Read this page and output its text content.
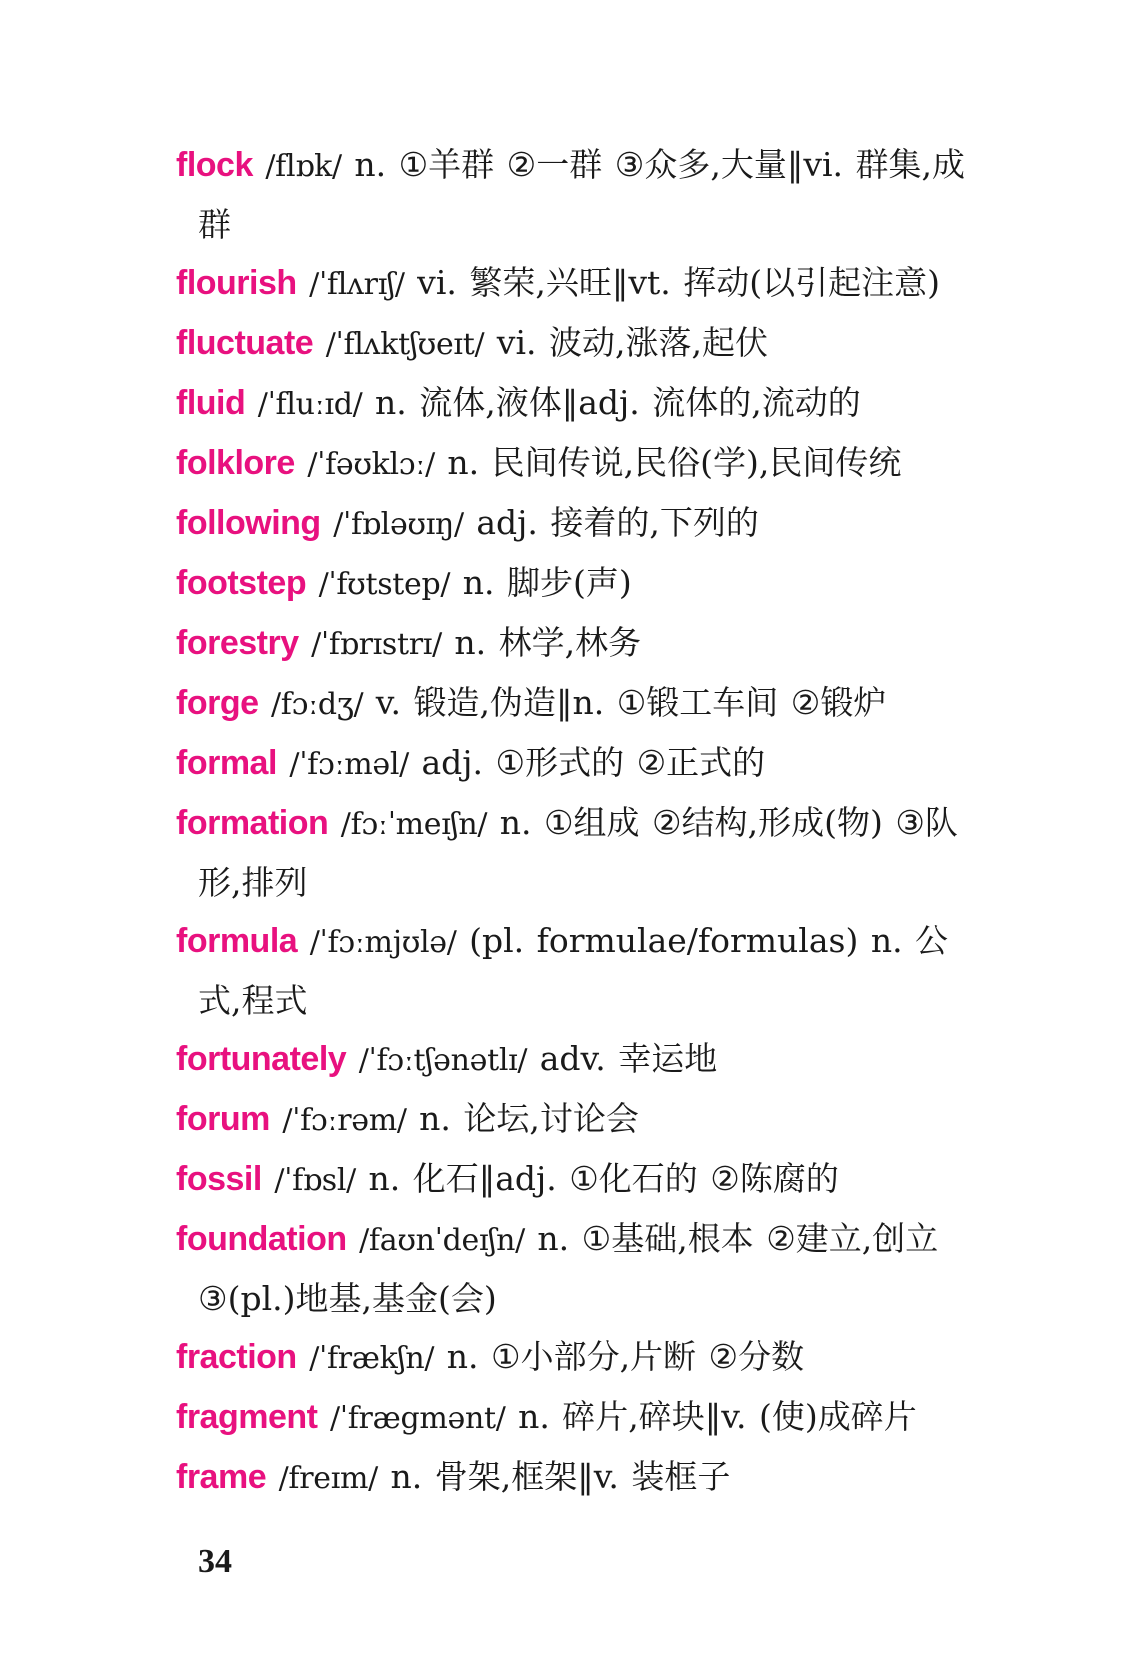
flock /flɒk/ n. ①羊群 ②一群 ③众多,大量‖vi. 群集,成群

flourish /ˈflʌrɪʃ/ vi. 繁荣,兴旺‖vt. 挥动(以引起注意)

fluctuate /ˈflʌktʃʊeɪt/ vi. 波动,涨落,起伏

fluid /ˈfluːɪd/ n. 流体,液体‖adj. 流体的,流动的

folklore /ˈfəʊklɔː/ n. 民间传说,民俗(学),民间传统

following /ˈfɒləʊɪŋ/ adj. 接着的,下列的

footstep /ˈfʊtstep/ n. 脚步(声)

forestry /ˈfɒrɪstrɪ/ n. 林学,林务

forge /fɔːdʒ/ v. 锻造,伪造‖n. ①锻工车间 ②锻炉

formal /ˈfɔːməl/ adj. ①形式的 ②正式的

formation /fɔːˈmeɪʃn/ n. ①组成 ②结构,形成(物) ③队形,排列

formula /ˈfɔːmjʊlə/ (pl. formulae/formulas) n. 公式,程式

fortunately /ˈfɔːtʃənətlɪ/ adv. 幸运地

forum /ˈfɔːrəm/ n. 论坛,讨论会

fossil /ˈfɒsl/ n. 化石‖adj. ①化石的 ②陈腐的

foundation /faʊnˈdeɪʃn/ n. ①基础,根本 ②建立,创立 ③(pl.)地基,基金(会)

fraction /ˈfrækʃn/ n. ①小部分,片断 ②分数

fragment /ˈfrægmənt/ n. 碎片,碎块‖v. (使)成碎片

frame /freɪm/ n. 骨架,框架‖v. 装框子

34
